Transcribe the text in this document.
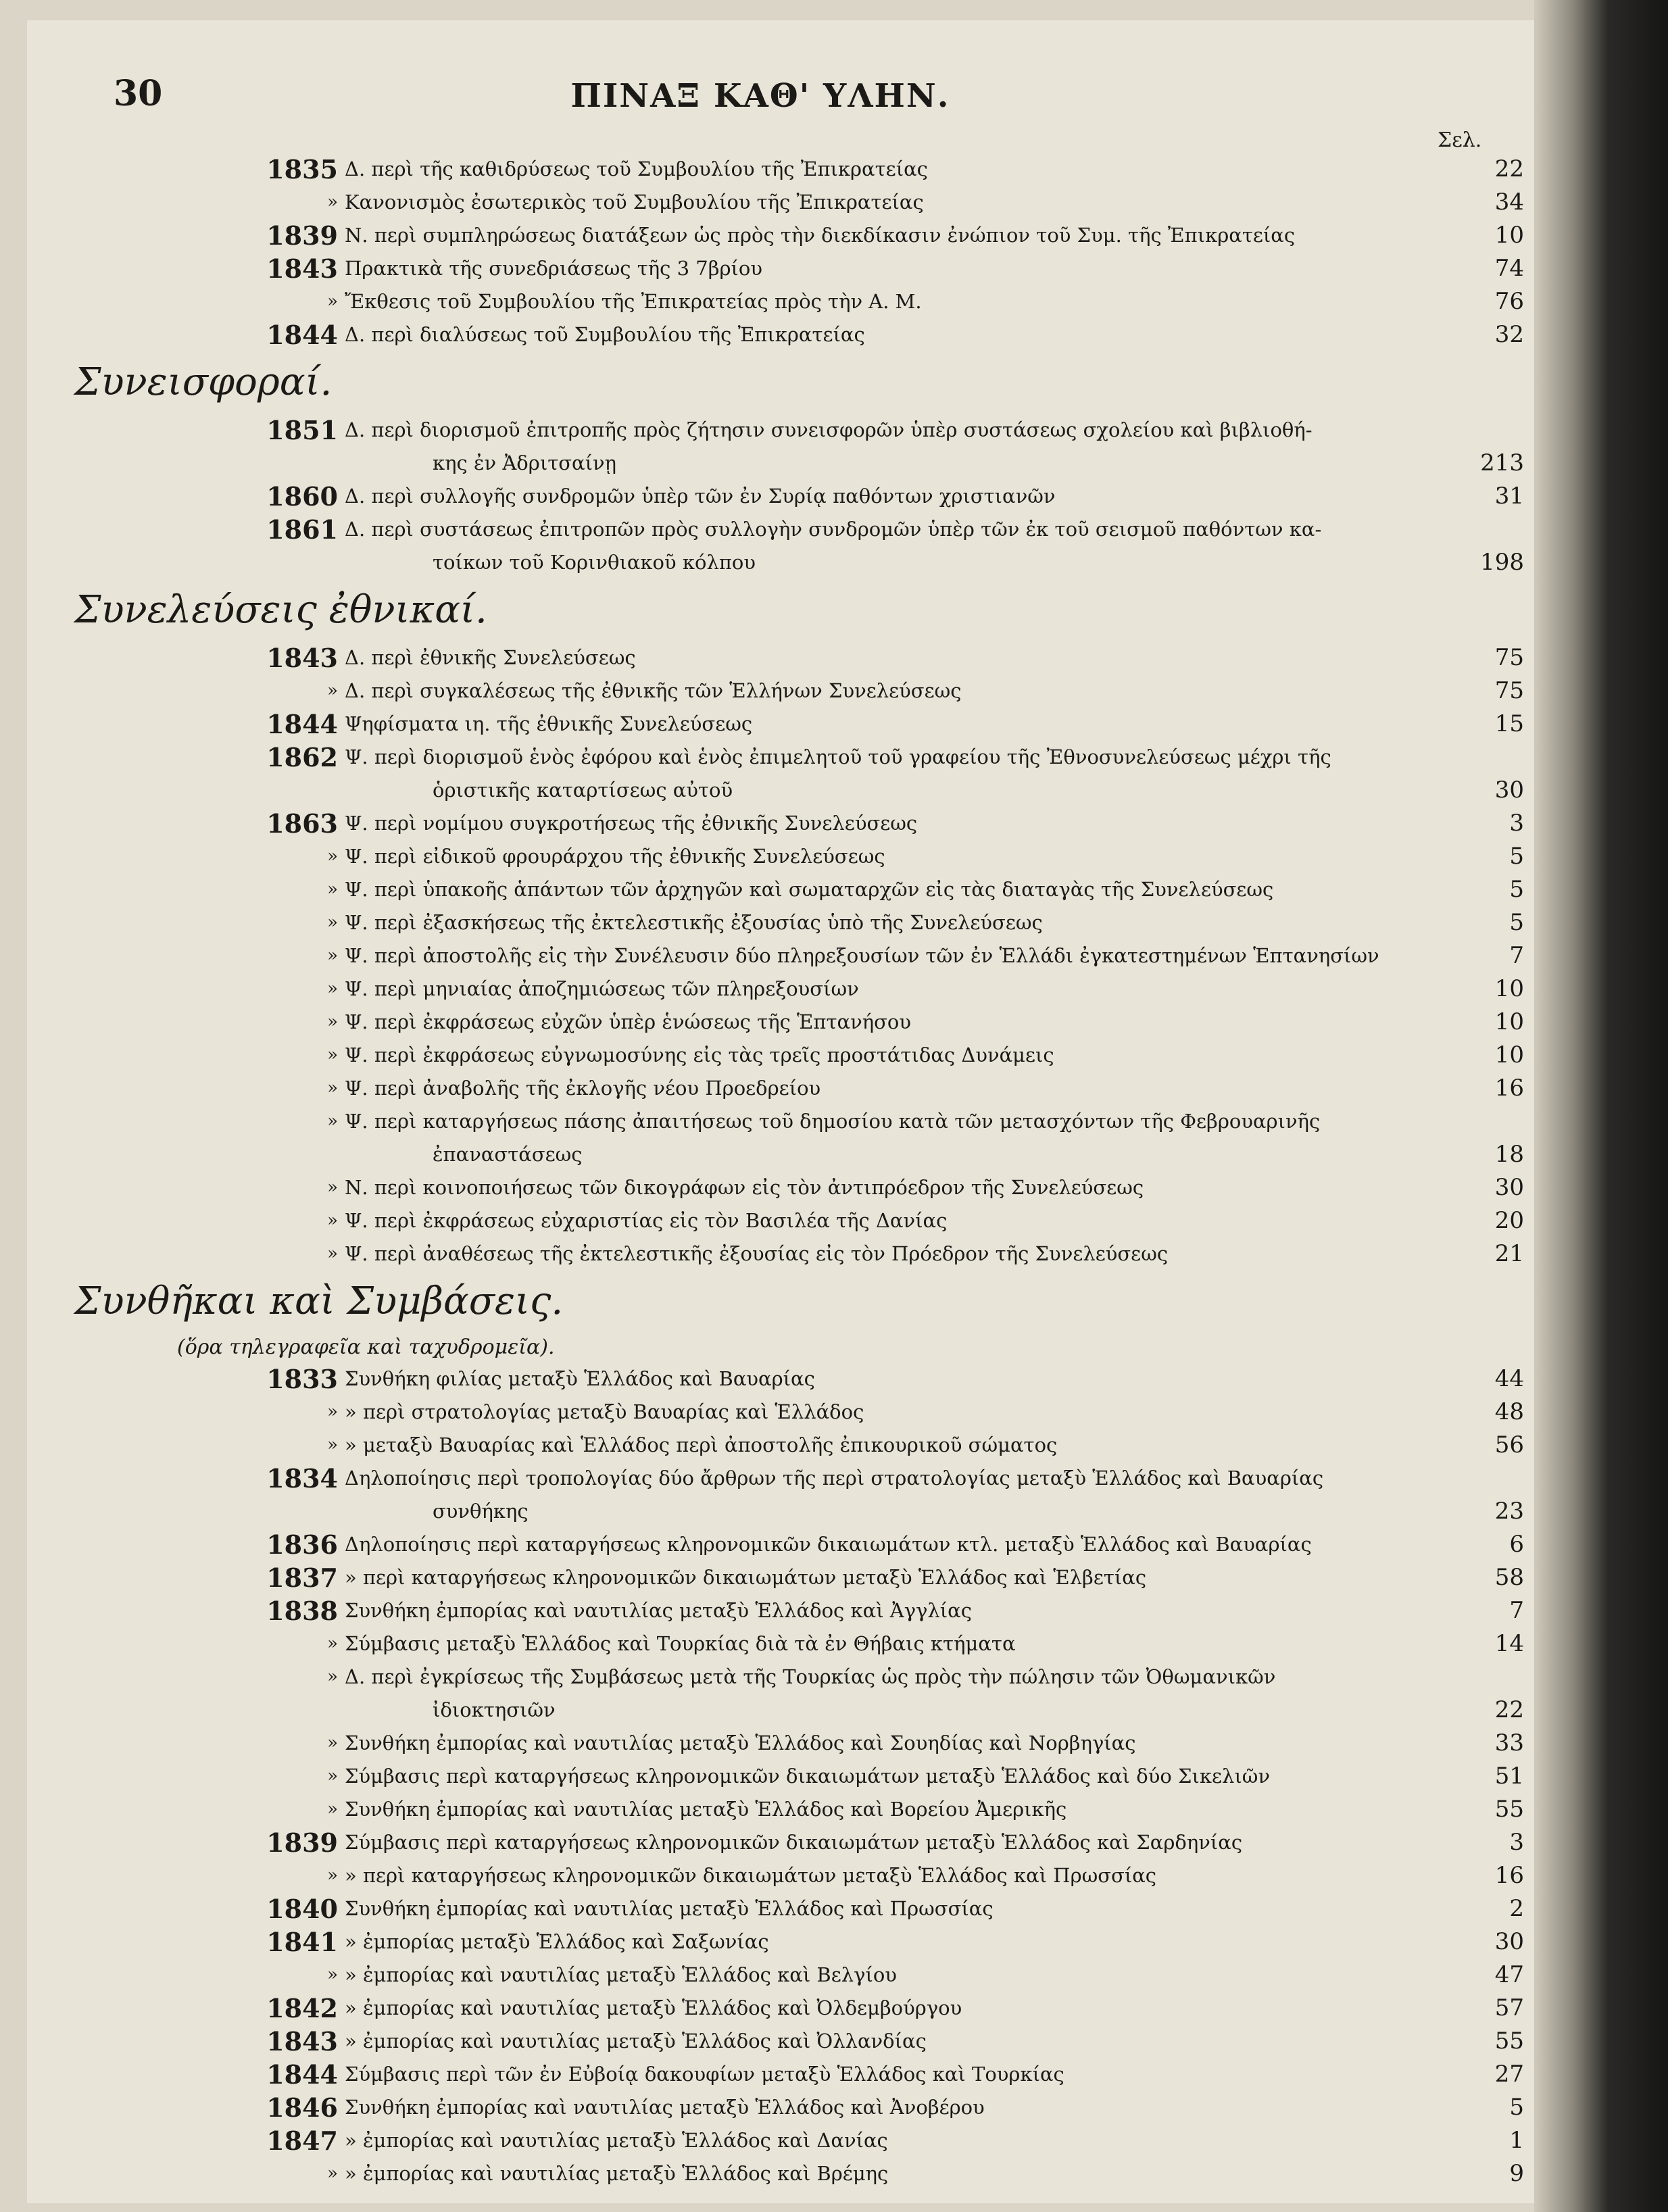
30	ΠΙΝΑΞ ΚΑΘ' ΥΛΗΝ.
Σελ.
1835 Δ. περὶ τῆς καθιδρύσεως τοῦ Συμβουλίου τῆς Ἐπικρατείας	22
» Κανονισμὸς ἐσωτερικὸς τοῦ Συμβουλίου τῆς Ἐπικρατείας	34
1839 Ν. περὶ συμπληρώσεως διατάξεων ὡς πρὸς τὴν διεκδίκασιν ἐνώπιον τοῦ Συμ. τῆς Ἐπικρατείας	10
1843 Πρακτικὰ τῆς συνεδριάσεως τῆς 3 7βρίου	74
» Ἔκθεσις τοῦ Συμβουλίου τῆς Ἐπικρατείας πρὸς τὴν Α. Μ.	76
1844 Δ. περὶ διαλύσεως τοῦ Συμβουλίου τῆς Ἐπικρατείας	32
Συνεισφοραί.
1851 Δ. περὶ διορισμοῦ ἐπιτροπῆς πρὸς ζήτησιν συνεισφορῶν ὑπὲρ συστάσεως σχολείου καὶ βιβλιοθή-
κης ἐν Ἀδριτσαίνῃ	213
1860 Δ. περὶ συλλογῆς συνδρομῶν ὑπὲρ τῶν ἐν Συρίᾳ παθόντων χριστιανῶν	31
1861 Δ. περὶ συστάσεως ἐπιτροπῶν πρὸς συλλογὴν συνδρομῶν ὑπὲρ τῶν ἐκ τοῦ σεισμοῦ παθόντων κα-
τοίκων τοῦ Κορινθιακοῦ κόλπου	198
Συνελεύσεις ἐθνικαί.
1843 Δ. περὶ ἐθνικῆς Συνελεύσεως	75
» Δ. περὶ συγκαλέσεως τῆς ἐθνικῆς τῶν Ἑλλήνων Συνελεύσεως	75
1844 Ψηφίσματα ιη. τῆς ἐθνικῆς Συνελεύσεως	15
1862 Ψ. περὶ διορισμοῦ ἑνὸς ἐφόρου καὶ ἑνὸς ἐπιμελητοῦ τοῦ γραφείου τῆς Ἐθνοσυνελεύσεως μέχρι τῆς
ὁριστικῆς καταρτίσεως αὐτοῦ	30
1863 Ψ. περὶ νομίμου συγκροτήσεως τῆς ἐθνικῆς Συνελεύσεως	3
» Ψ. περὶ εἰδικοῦ φρουράρχου τῆς ἐθνικῆς Συνελεύσεως	5
» Ψ. περὶ ὑπακοῆς ἁπάντων τῶν ἀρχηγῶν καὶ σωματαρχῶν εἰς τὰς διαταγὰς τῆς Συνελεύσεως	5
» Ψ. περὶ ἐξασκήσεως τῆς ἐκτελεστικῆς ἐξουσίας ὑπὸ τῆς Συνελεύσεως	5
» Ψ. περὶ ἀποστολῆς εἰς τὴν Συνέλευσιν δύο πληρεξουσίων τῶν ἐν Ἑλλάδι ἐγκατεστημένων Ἑπτανησίων	7
» Ψ. περὶ μηνιαίας ἀποζημιώσεως τῶν πληρεξουσίων	10
» Ψ. περὶ ἐκφράσεως εὐχῶν ὑπὲρ ἑνώσεως τῆς Ἑπτανήσου	10
» Ψ. περὶ ἐκφράσεως εὐγνωμοσύνης εἰς τὰς τρεῖς προστάτιδας Δυνάμεις	10
» Ψ. περὶ ἀναβολῆς τῆς ἐκλογῆς νέου Προεδρείου	16
» Ψ. περὶ καταργήσεως πάσης ἀπαιτήσεως τοῦ δημοσίου κατὰ τῶν μετασχόντων τῆς Φεβρουαρινῆς
ἐπαναστάσεως	18
» Ν. περὶ κοινοποιήσεως τῶν δικογράφων εἰς τὸν ἀντιπρόεδρον τῆς Συνελεύσεως	30
» Ψ. περὶ ἐκφράσεως εὐχαριστίας εἰς τὸν Βασιλέα τῆς Δανίας	20
» Ψ. περὶ ἀναθέσεως τῆς ἐκτελεστικῆς ἐξουσίας εἰς τὸν Πρόεδρον τῆς Συνελεύσεως	21
Συνθῆκαι καὶ Συμβάσεις.
(ὅρα τηλεγραφεῖα καὶ ταχυδρομεῖα).
1833 Συνθήκη φιλίας μεταξὺ Ἑλλάδος καὶ Βαυαρίας	44
» » περὶ στρατολογίας μεταξὺ Βαυαρίας καὶ Ἑλλάδος	48
» » μεταξὺ Βαυαρίας καὶ Ἑλλάδος περὶ ἀποστολῆς ἐπικουρικοῦ σώματος	56
1834 Δηλοποίησις περὶ τροπολογίας δύο ἄρθρων τῆς περὶ στρατολογίας μεταξὺ Ἑλλάδος καὶ Βαυαρίας
συνθήκης	23
1836 Δηλοποίησις περὶ καταργήσεως κληρονομικῶν δικαιωμάτων κτλ. μεταξὺ Ἑλλάδος καὶ Βαυαρίας	6
1837 » περὶ καταργήσεως κληρονομικῶν δικαιωμάτων μεταξὺ Ἑλλάδος καὶ Ἑλβετίας	58
1838 Συνθήκη ἐμπορίας καὶ ναυτιλίας μεταξὺ Ἑλλάδος καὶ Ἀγγλίας	7
» Σύμβασις μεταξὺ Ἑλλάδος καὶ Τουρκίας διὰ τὰ ἐν Θήβαις κτήματα	14
» Δ. περὶ ἐγκρίσεως τῆς Συμβάσεως μετὰ τῆς Τουρκίας ὡς πρὸς τὴν πώλησιν τῶν Ὀθωμανικῶν
ἰδιοκτησιῶν	22
» Συνθήκη ἐμπορίας καὶ ναυτιλίας μεταξὺ Ἑλλάδος καὶ Σουηδίας καὶ Νορβηγίας	33
» Σύμβασις περὶ καταργήσεως κληρονομικῶν δικαιωμάτων μεταξὺ Ἑλλάδος καὶ δύο Σικελιῶν	51
» Συνθήκη ἐμπορίας καὶ ναυτιλίας μεταξὺ Ἑλλάδος καὶ Βορείου Ἀμερικῆς	55
1839 Σύμβασις περὶ καταργήσεως κληρονομικῶν δικαιωμάτων μεταξὺ Ἑλλάδος καὶ Σαρδηνίας	3
» » περὶ καταργήσεως κληρονομικῶν δικαιωμάτων μεταξὺ Ἑλλάδος καὶ Πρωσσίας	16
1840 Συνθήκη ἐμπορίας καὶ ναυτιλίας μεταξὺ Ἑλλάδος καὶ Πρωσσίας	2
1841 » ἐμπορίας μεταξὺ Ἑλλάδος καὶ Σαξωνίας	30
» » ἐμπορίας καὶ ναυτιλίας μεταξὺ Ἑλλάδος καὶ Βελγίου	47
1842 » ἐμπορίας καὶ ναυτιλίας μεταξὺ Ἑλλάδος καὶ Ὀλδεμβούργου	57
1843 » ἐμπορίας καὶ ναυτιλίας μεταξὺ Ἑλλάδος καὶ Ὀλλανδίας	55
1844 Σύμβασις περὶ τῶν ἐν Εὐβοίᾳ δακουφίων μεταξὺ Ἑλλάδος καὶ Τουρκίας	27
1846 Συνθήκη ἐμπορίας καὶ ναυτιλίας μεταξὺ Ἑλλάδος καὶ Ἀνοβέρου	5
1847 » ἐμπορίας καὶ ναυτιλίας μεταξὺ Ἑλλάδος καὶ Δανίας	1
» » ἐμπορίας καὶ ναυτιλίας μεταξὺ Ἑλλάδος καὶ Βρέμης	9
